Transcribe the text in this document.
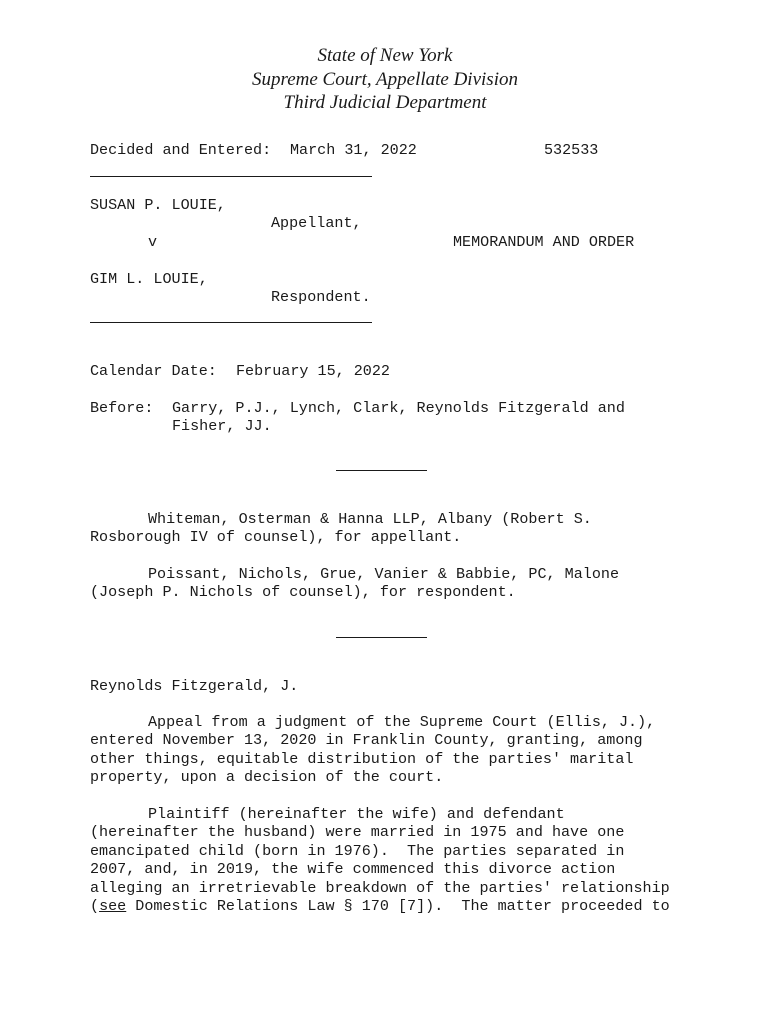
State of New York
Supreme Court, Appellate Division
Third Judicial Department
Decided and Entered: March 31, 2022	532533
SUSAN P. LOUIE,
Appellant,
v	MEMORANDUM AND ORDER
GIM L. LOUIE,
Respondent.
Calendar Date: February 15, 2022
Before: Garry, P.J., Lynch, Clark, Reynolds Fitzgerald and
Fisher, JJ.
Whiteman, Osterman & Hanna LLP, Albany (Robert S.
Rosborough IV of counsel), for appellant.
Poissant, Nichols, Grue, Vanier & Babbie, PC, Malone
(Joseph P. Nichols of counsel), for respondent.
Reynolds Fitzgerald, J.
Appeal from a judgment of the Supreme Court (Ellis, J.),
entered November 13, 2020 in Franklin County, granting, among
other things, equitable distribution of the parties' marital
property, upon a decision of the court.
Plaintiff (hereinafter the wife) and defendant
(hereinafter the husband) were married in 1975 and have one
emancipated child (born in 1976).  The parties separated in
2007, and, in 2019, the wife commenced this divorce action
alleging an irretrievable breakdown of the parties' relationship
(see Domestic Relations Law § 170 [7]).  The matter proceeded to
